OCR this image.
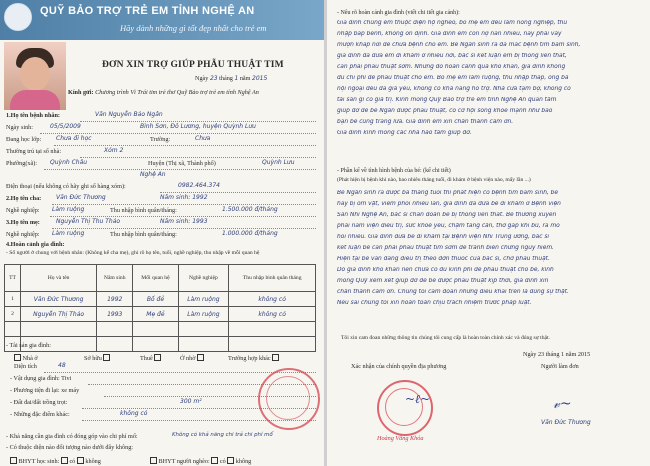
QUỸ BẢO TRỢ TRẺ EM TỈNH NGHỆ AN
Hãy dành những gì tốt đẹp nhất cho trẻ em
ĐƠN XIN TRỢ GIÚP PHẪU THUẬT TIM
Ngày 23 tháng 1 năm 2015
Kính gửi: Chương trình Vì Trái tim trẻ thơ Quỹ Bảo trợ trẻ em tỉnh Nghệ An
1.Họ tên bệnh nhân:	Văn Nguyễn Bảo Ngân
Ngày sinh:	05/5/2009	Bình Sơn, Đô Lương, huyện Quỳnh Lưu
Đang học lớp: Chưa đi học	Trường:	Chưa
Thường trú tại số nhà:	Xóm 2
Phường(xã): Quỳnh Châu	Huyện (Thị xã, Thành phố)	Quỳnh Lưu
Nghệ An
Điện thoại (nếu không có hãy ghi số hàng xóm):	0982.464.374
2.Họ tên cha: Văn Đức Thương	Năm sinh: 1992
Nghề nghiệp: Làm ruộng	Thu nhập bình quân/tháng:	1.500.000 đ/tháng
3.Họ tên mẹ:	Nguyễn Thị Thu Thảo	Năm sinh: 1993
Nghề nghiệp: Làm ruộng	Thu nhập bình quân/tháng:	1.000.000 đ/tháng
4.Hoàn cảnh gia đình:
- Số người ở chung với bệnh nhân: (Không kể cha mẹ), ghi rõ họ tên, tuổi, nghề nghiệp, thu nhập về mỗi quan hệ
TT	Họ và tên	Năm sinh	Mối quan hệ	Nghề nghiệp	Thu nhập bình quân tháng
1	Văn Đức Thương	1992	Bố đẻ	Làm ruộng	không có
2	Nguyễn Thị Thảo	1993	Mẹ đẻ	Làm ruộng	không có

- Tài sản gia đình:
Nhà ở	Sở hữu	Thuê	Ở nhờ	Trường hợp khác
Diện tích	48
- Vật dụng gia đình: Tivi
- Phương tiện đi lại: xe máy
- Đất đai/đất trồng trọt:	300 m²
- Những đặc điểm khác:	không có
- Khả năng cần gia đình có đóng góp vào chi phí mổ:	Không có khả năng chi trả chi phí mổ
- Có thuộc diện nào đối tượng nào dưới đây không:
BHYT học sinh: có không	BHYT người nghèo: có không
- Nêu rõ hoàn cảnh gia đình (viết chi tiết gia cảnh):
Gia đình chúng em thuộc diện hộ nghèo, bố mẹ em đều làm nông nghiệp, thu
nhập bấp bênh, không ổn định. Gia đình em còn nợ nần nhiều, nay phải vay
mượn khắp nơi để chữa bệnh cho em. Bé Ngân sinh ra đã mắc bệnh tim bẩm sinh,
gia đình đã đưa em đi khám ở nhiều nơi, bác sĩ kết luận em bị thông liên thất,
cần phải phẫu thuật sớm. Nhưng do hoàn cảnh quá khó khăn, gia đình không
đủ chi phí để phẫu thuật cho em. Bố mẹ em làm ruộng, thu nhập thấp, ông bà
nội ngoại đều đã già yếu, không có khả năng hỗ trợ. Nhà cửa tạm bợ, không có
tài sản gì có giá trị. Kính mong Quỹ Bảo trợ trẻ em tỉnh Nghệ An quan tâm
giúp đỡ để bé Ngân được phẫu thuật, có cơ hội sống khỏe mạnh như bao
bạn bè cùng trang lứa. Gia đình em xin chân thành cảm ơn.
Gia đình kính mong các nhà hảo tâm giúp đỡ.
- Phần kể về tình hình bệnh của bé: (kể chi tiết)
(Phát hiện bị bệnh khi nào, bao nhiêu tháng tuổi, đi khám ở bệnh viện nào, mấy lần ...)
Bé Ngân sinh ra được ba tháng tuổi thì phát hiện có bệnh tim bẩm sinh, bé
hay bị ốm vặt, viêm phổi nhiều lần, gia đình đã đưa bé đi khám ở Bệnh viện
Sản Nhi Nghệ An, bác sĩ chẩn đoán bé bị thông liên thất. Bé thường xuyên
phải nằm viện điều trị, sức khỏe yếu, chậm tăng cân, thở gấp khi bú, ra mồ
hôi nhiều. Gia đình đưa bé đi khám tại Bệnh viện Nhi Trung ương, bác sĩ
kết luận bé cần phải phẫu thuật tim sớm để tránh biến chứng nguy hiểm.
Hiện tại bé vẫn đang điều trị theo đơn thuốc của bác sĩ, chờ phẫu thuật.
Do gia đình khó khăn nên chưa có đủ kinh phí để phẫu thuật cho bé, kính
mong Quỹ xem xét giúp đỡ để bé được phẫu thuật kịp thời, gia đình xin
chân thành cảm ơn. Chúng tôi cam đoan những điều khai trên là đúng sự thật.
Nếu sai chúng tôi xin hoàn toàn chịu trách nhiệm trước pháp luật.
Tôi xin cam đoan những thông tin chúng tôi cung cấp là hoàn toàn chính xác và đúng sự thật.
Ngày 23 tháng 1 năm 2015
Xác nhận của chính quyền địa phương	Người làm đơn
~ℓ~
Hoàng Văng Khóa
𝓋~
Văn Đức Thương
